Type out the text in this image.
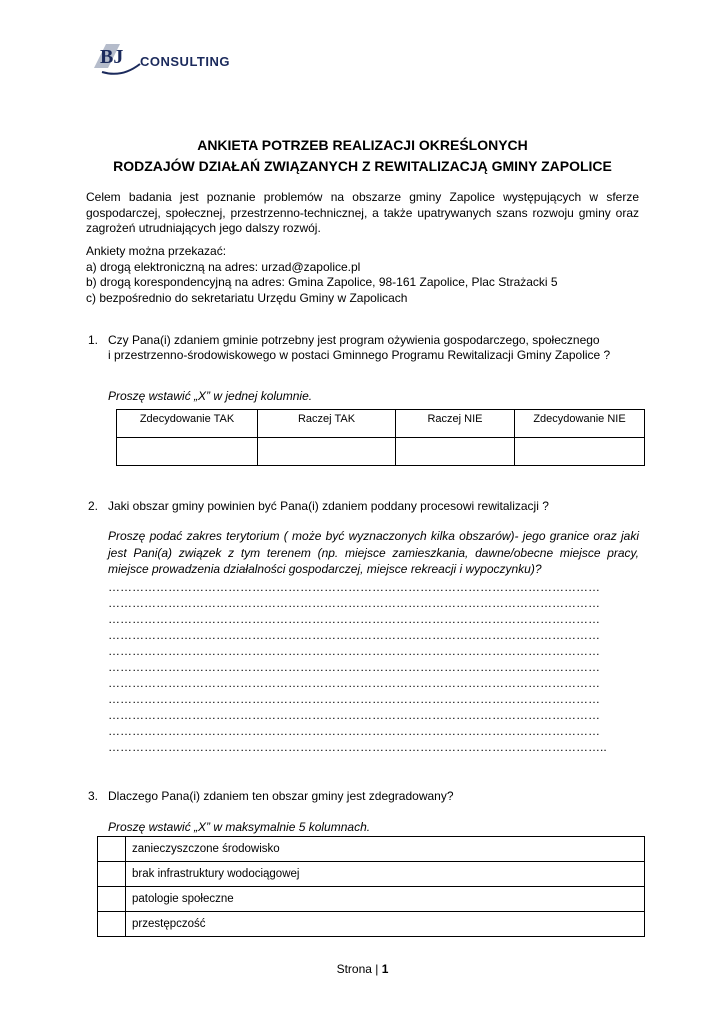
BJ CONSULTING
ANKIETA POTRZEB REALIZACJI OKREŚLONYCH
RODZAJÓW DZIAŁAŃ ZWIĄZANYCH Z REWITALIZACJĄ GMINY ZAPOLICE
Celem badania jest poznanie problemów na obszarze gminy Zapolice występujących w sferze gospodarczej, społecznej, przestrzenno-technicznej, a także upatrywanych szans rozwoju gminy oraz zagrożeń utrudniających jego dalszy rozwój.
Ankiety można przekazać:
a) drogą elektroniczną na adres: urzad@zapolice.pl
b) drogą korespondencyjną na adres: Gmina Zapolice, 98-161 Zapolice, Plac Strażacki 5
c) bezpośrednio do sekretariatu Urzędu Gminy w Zapolicach
1. Czy Pana(i) zdaniem gminie potrzebny jest program ożywienia gospodarczego, społecznego
i przestrzenno-środowiskowego w postaci Gminnego Programu Rewitalizacji Gminy Zapolice ?
Proszę wstawić „X” w jednej kolumnie.
Zdecydowanie TAK	Raczej TAK	Raczej NIE	Zdecydowanie NIE

2. Jaki obszar gminy powinien być Pana(i) zdaniem poddany procesowi rewitalizacji ?
Proszę podać zakres terytorium ( może być wyznaczonych kilka obszarów)- jego granice oraz jaki jest Pani(a) związek z tym terenem (np. miejsce zamieszkania, dawne/obecne miejsce pracy, miejsce prowadzenia działalności gospodarczej, miejsce rekreacji i wypoczynku)?
……………………………………………………………………………………………………………
……………………………………………………………………………………………………………
……………………………………………………………………………………………………………
……………………………………………………………………………………………………………
……………………………………………………………………………………………………………
……………………………………………………………………………………………………………
……………………………………………………………………………………………………………
……………………………………………………………………………………………………………
……………………………………………………………………………………………………………
……………………………………………………………………………………………………………
……………………………………………………………………………………………………………..
3. Dlaczego Pana(i) zdaniem ten obszar gminy jest zdegradowany?
Proszę wstawić „X” w maksymalnie 5 kolumnach.
	zanieczyszczone środowisko
	brak infrastruktury wodociągowej
	patologie społeczne
	przestępczość
Strona | 1
